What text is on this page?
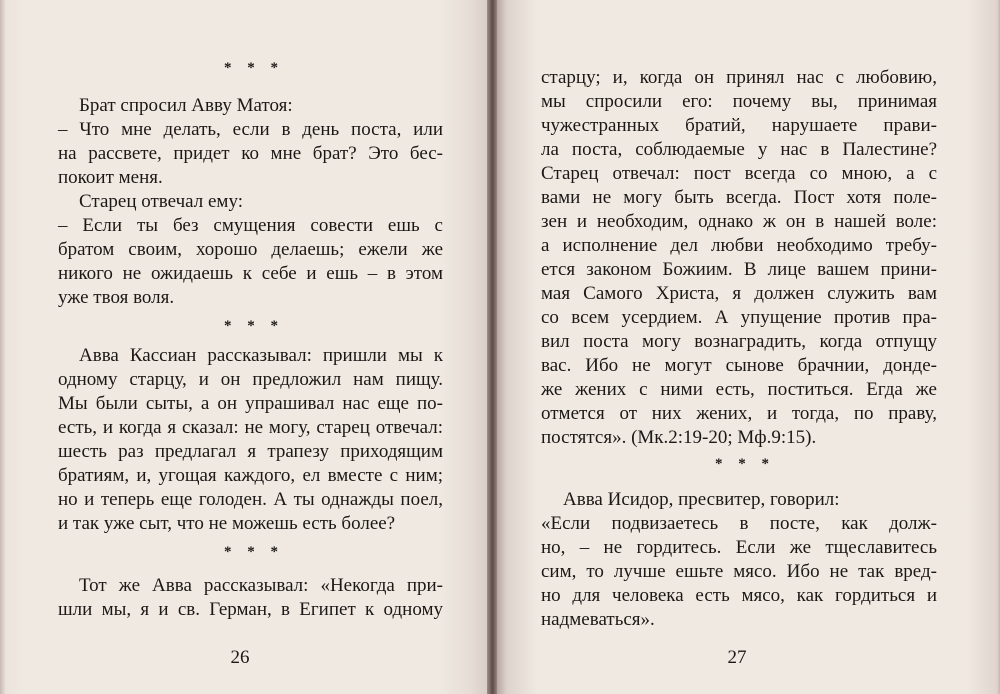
* * *

Брат спросил Авву Матоя:

– Что мне делать, если в день поста, или

на рассвете, придет ко мне брат? Это бес-

покоит меня.

Старец отвечал ему:

– Если ты без смущения совести ешь с

братом своим, хорошо делаешь; ежели же

никого не ожидаешь к себе и ешь – в этом

уже твоя воля.

* * *

Авва Кассиан рассказывал: пришли мы к

одному старцу, и он предложил нам пищу.

Мы были сыты, а он упрашивал нас еще по-

есть, и когда я сказал: не могу, старец отвечал:

шесть раз предлагал я трапезу приходящим

братиям, и, угощая каждого, ел вместе с ним;

но и теперь еще голоден. А ты однажды поел,

и так уже сыт, что не можешь есть более?

* * *

Тот же Авва рассказывал: «Некогда при-

шли мы, я и св. Герман, в Египет к одному

26

старцу; и, когда он принял нас с любовию,

мы спросили его: почему вы, принимая

чужестранных братий, нарушаете прави-

ла поста, соблюдаемые у нас в Палестине?

Старец отвечал: пост всегда со мною, а с

вами не могу быть всегда. Пост хотя поле-

зен и необходим, однако ж он в нашей воле:

а исполнение дел любви необходимо требу-

ется законом Божиим. В лице вашем прини-

мая Самого Христа, я должен служить вам

со всем усердием. А упущение против пра-

вил поста могу вознаградить, когда отпущу

вас. Ибо не могут сынове брачнии, донде-

же жених с ними есть, поститься. Егда же

отмется от них жених, и тогда, по праву,

постятся». (Мк.2:19-20; Мф.9:15).

* * *

Авва Исидор, пресвитер, говорил:

«Если подвизаетесь в посте, как долж-

но, – не гордитесь. Если же тщеславитесь

сим, то лучше ешьте мясо. Ибо не так вред-

но для человека есть мясо, как гордиться и

надмеваться».

27
